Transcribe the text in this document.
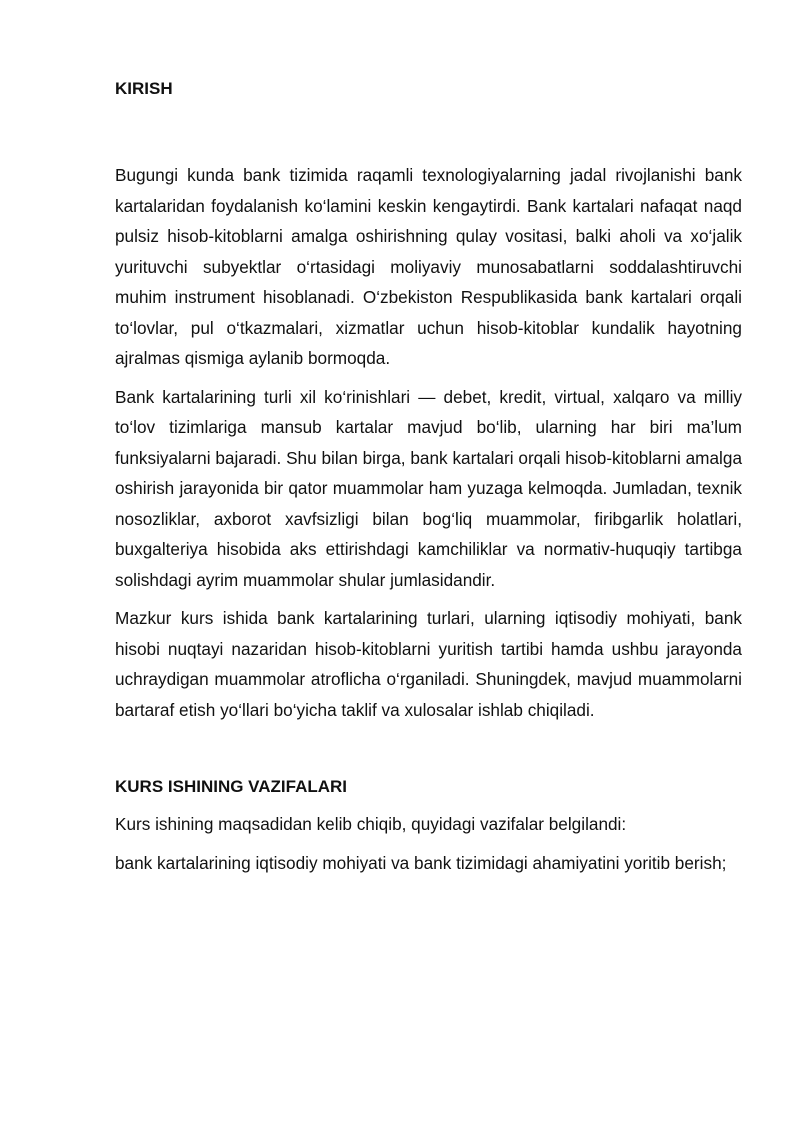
KIRISH

Bugungi kunda bank tizimida raqamli texnologiyalarning jadal rivojlanishi bank kartalaridan foydalanish ko‘lamini keskin kengaytirdi. Bank kartalari nafaqat naqd pulsiz hisob-kitoblarni amalga oshirishning qulay vositasi, balki aholi va xo‘jalik yurituvchi subyektlar o‘rtasidagi moliyaviy munosabatlarni soddalashtiruvchi muhim instrument hisoblanadi. O‘zbekiston Respublikasida bank kartalari orqali to‘lovlar, pul o‘tkazmalari, xizmatlar uchun hisob-kitoblar kundalik hayotning ajralmas qismiga aylanib bormoqda.

Bank kartalarining turli xil ko‘rinishlari — debet, kredit, virtual, xalqaro va milliy to‘lov tizimlariga mansub kartalar mavjud bo‘lib, ularning har biri ma’lum funksiyalarni bajaradi. Shu bilan birga, bank kartalari orqali hisob-kitoblarni amalga oshirish jarayonida bir qator muammolar ham yuzaga kelmoqda. Jumladan, texnik nosozliklar, axborot xavfsizligi bilan bog‘liq muammolar, firibgarlik holatlari, buxgalteriya hisobida aks ettirishdagi kamchiliklar va normativ-huquqiy tartibga solishdagi ayrim muammolar shular jumlasidandir.

Mazkur kurs ishida bank kartalarining turlari, ularning iqtisodiy mohiyati, bank hisobi nuqtayi nazaridan hisob-kitoblarni yuritish tartibi hamda ushbu jarayonda uchraydigan muammolar atroflicha o‘rganiladi. Shuningdek, mavjud muammolarni bartaraf etish yo‘llari bo‘yicha taklif va xulosalar ishlab chiqiladi.

KURS ISHINING VAZIFALARI

Kurs ishining maqsadidan kelib chiqib, quyidagi vazifalar belgilandi:

bank kartalarining iqtisodiy mohiyati va bank tizimidagi ahamiyatini yoritib berish;
